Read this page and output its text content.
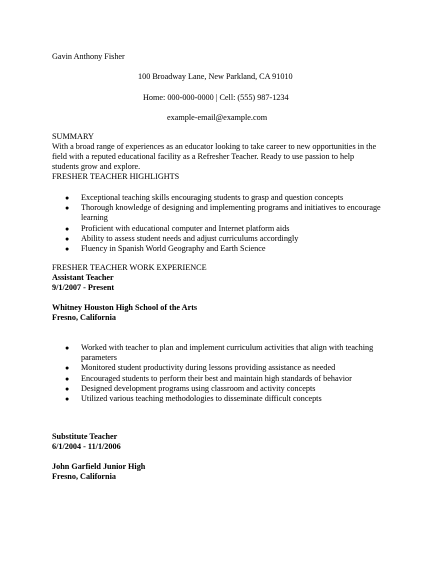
Gavin Anthony Fisher
100 Broadway Lane, New Parkland, CA 91010
Home: 000-000-0000 | Cell: (555) 987-1234
example-email@example.com
SUMMARY
With a broad range of experiences as an educator looking to take career to new opportunities in the field with a reputed educational facility as a Refresher Teacher. Ready to use passion to help students grow and explore.
FRESHER TEACHER HIGHLIGHTS
● Exceptional teaching skills encouraging students to grasp and question concepts
● Thorough knowledge of designing and implementing programs and initiatives to encourage learning
● Proficient with educational computer and Internet platform aids
● Ability to assess student needs and adjust curriculums accordingly
● Fluency in Spanish World Geography and Earth Science
FRESHER TEACHER WORK EXPERIENCE
Assistant Teacher
9/1/2007 - Present
Whitney Houston High School of the Arts
Fresno, California
● Worked with teacher to plan and implement curriculum activities that align with teaching parameters
● Monitored student productivity during lessons providing assistance as needed
● Encouraged students to perform their best and maintain high standards of behavior
● Designed development programs using classroom and activity concepts
● Utilized various teaching methodologies to disseminate difficult concepts
Substitute Teacher
6/1/2004 - 11/1/2006
John Garfield Junior High
Fresno, California
